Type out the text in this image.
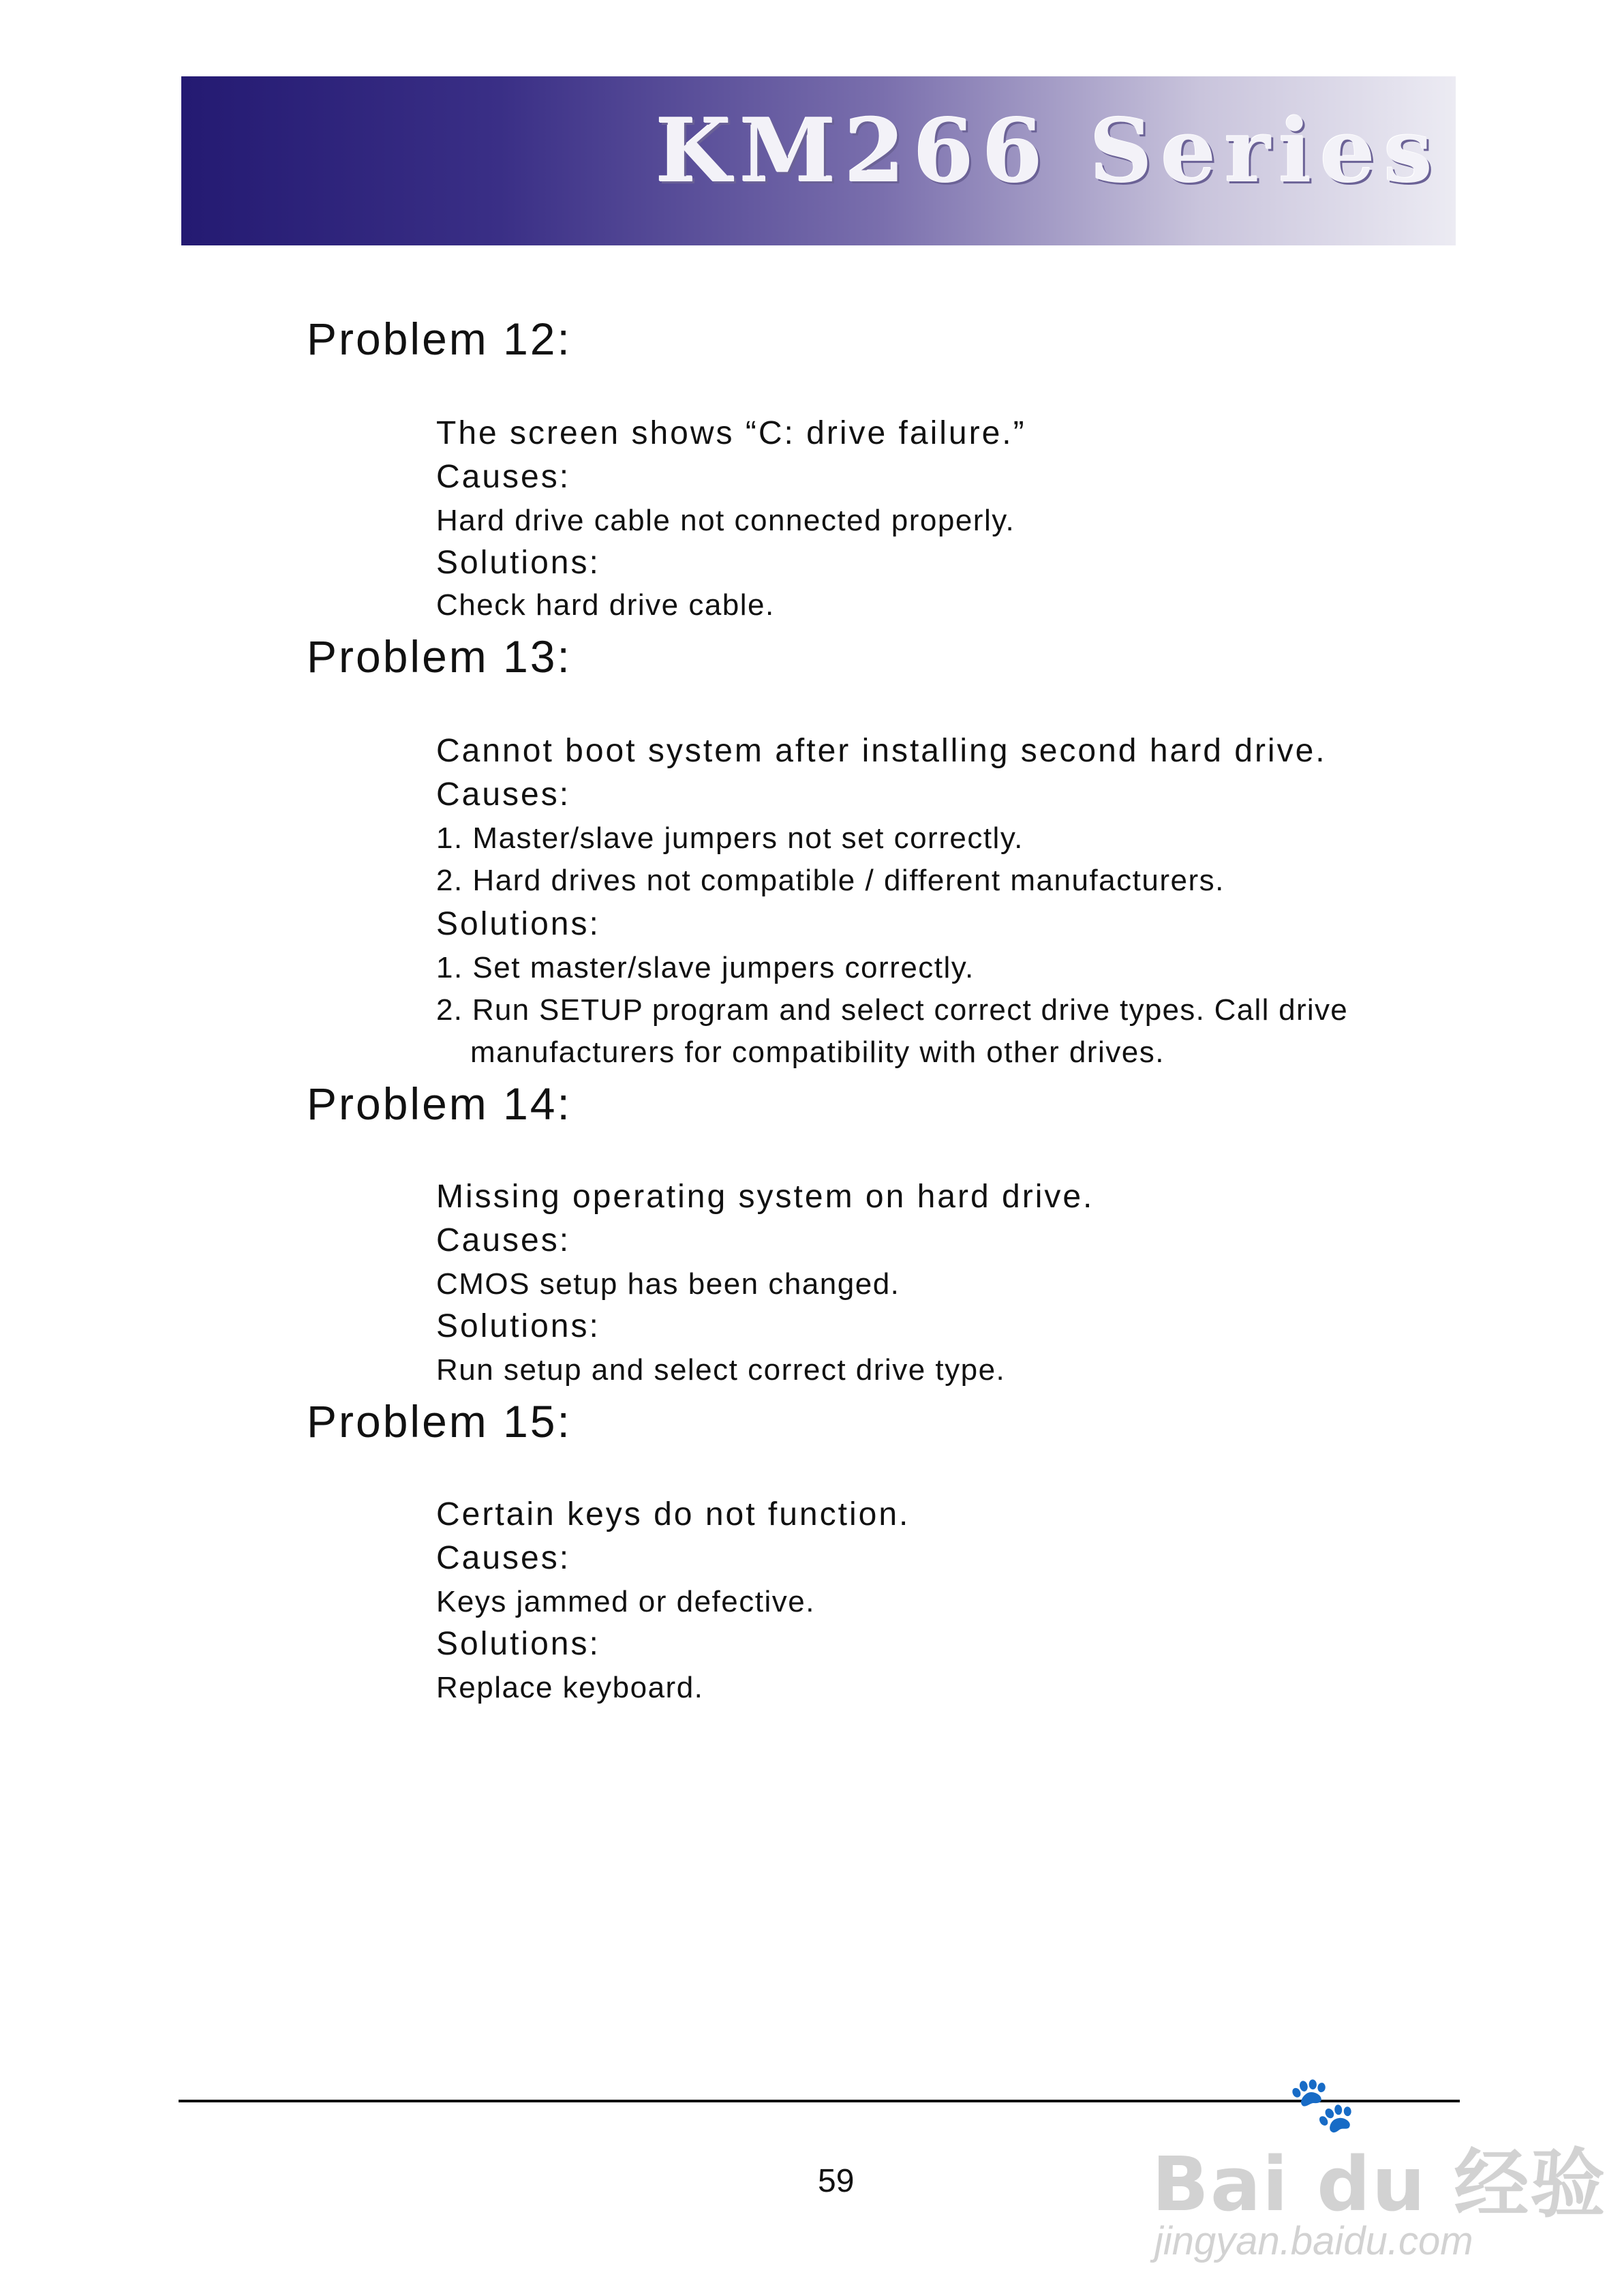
KM266 Series
Problem 12:
The screen shows “C: drive failure.”
Causes:
Hard drive cable not connected properly.
Solutions:
Check hard drive cable.
Problem 13:
Cannot boot system after installing second hard drive.
Causes:
1. Master/slave jumpers not set correctly.
2. Hard drives not compatible / different manufacturers.
Solutions:
1. Set master/slave jumpers correctly.
2. Run SETUP program and select correct drive types. Call drive
manufacturers for compatibility with other drives.
Problem 14:
Missing operating system on hard drive.
Causes:
CMOS setup has been changed.
Solutions:
Run setup and select correct drive type.
Problem 15:
Certain keys do not function.
Causes:
Keys jammed or defective.
Solutions:
Replace keyboard.
59
🐾
Bai du 经验
jingyan.baidu.com
